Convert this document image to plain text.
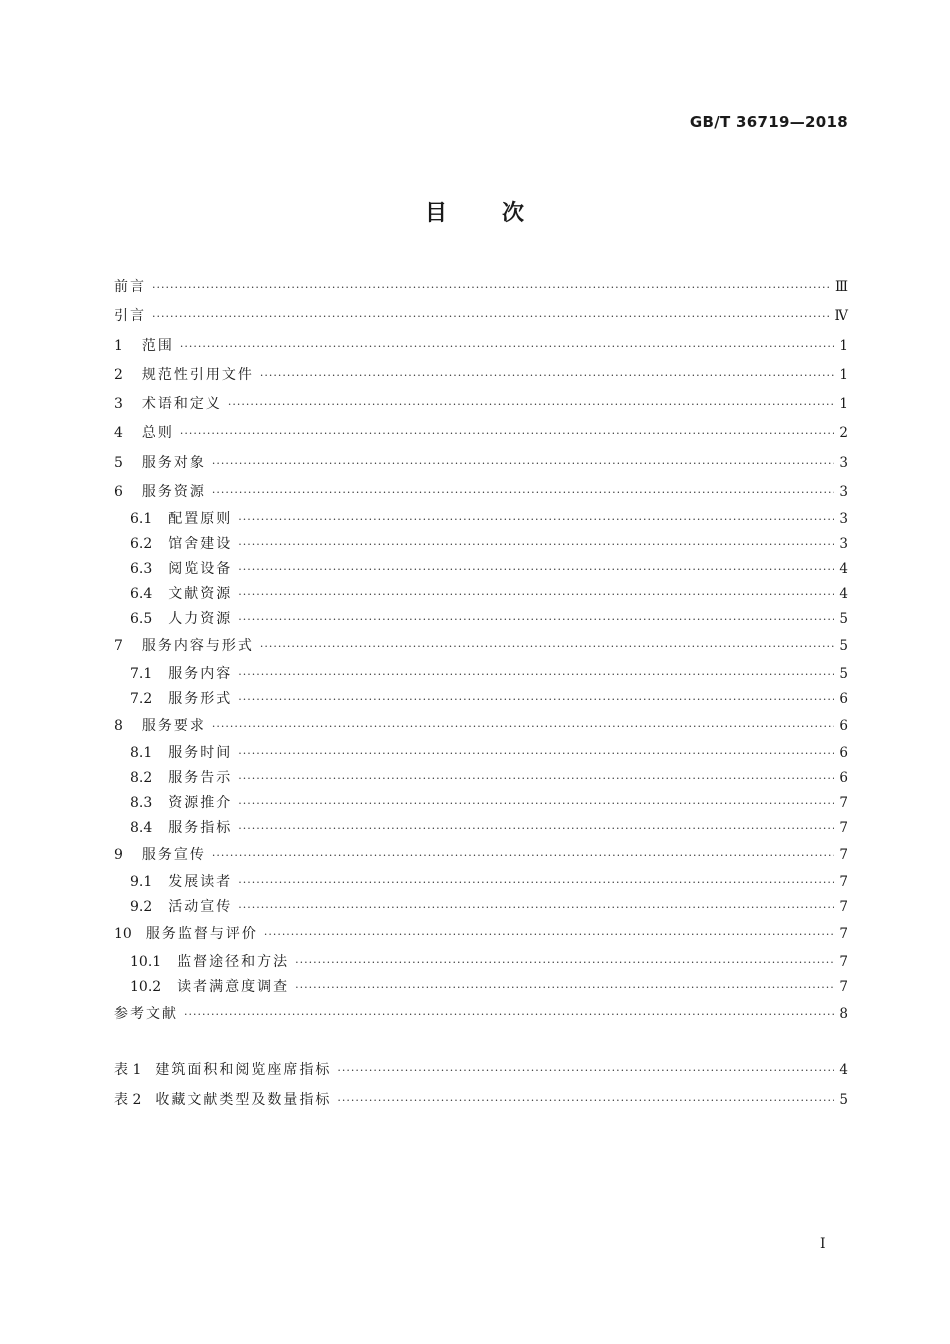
GB/T 36719—2018
目 次
前言 ·····	Ⅲ
引言 ·····	Ⅳ
1 范围 ·····	1
2 规范性引用文件 ·····	1
3 术语和定义 ·····	1
4 总则 ·····	2
5 服务对象 ·····	3
6 服务资源 ·····	3
6.1 配置原则 ·····	3
6.2 馆舍建设 ·····	3
6.3 阅览设备 ·····	4
6.4 文献资源 ·····	4
6.5 人力资源 ·····	5
7 服务内容与形式 ·····	5
7.1 服务内容 ·····	5
7.2 服务形式 ·····	6
8 服务要求 ·····	6
8.1 服务时间 ·····	6
8.2 服务告示 ·····	6
8.3 资源推介 ·····	7
8.4 服务指标 ·····	7
9 服务宣传 ·····	7
9.1 发展读者 ·····	7
9.2 活动宣传 ·····	7
10 服务监督与评价 ·····	7
10.1 监督途径和方法 ·····	7
10.2 读者满意度调查 ·····	7
参考文献 ·····	8
表 1 建筑面积和阅览座席指标 ·····	4
表 2 收藏文献类型及数量指标 ·····	5
Ⅰ
